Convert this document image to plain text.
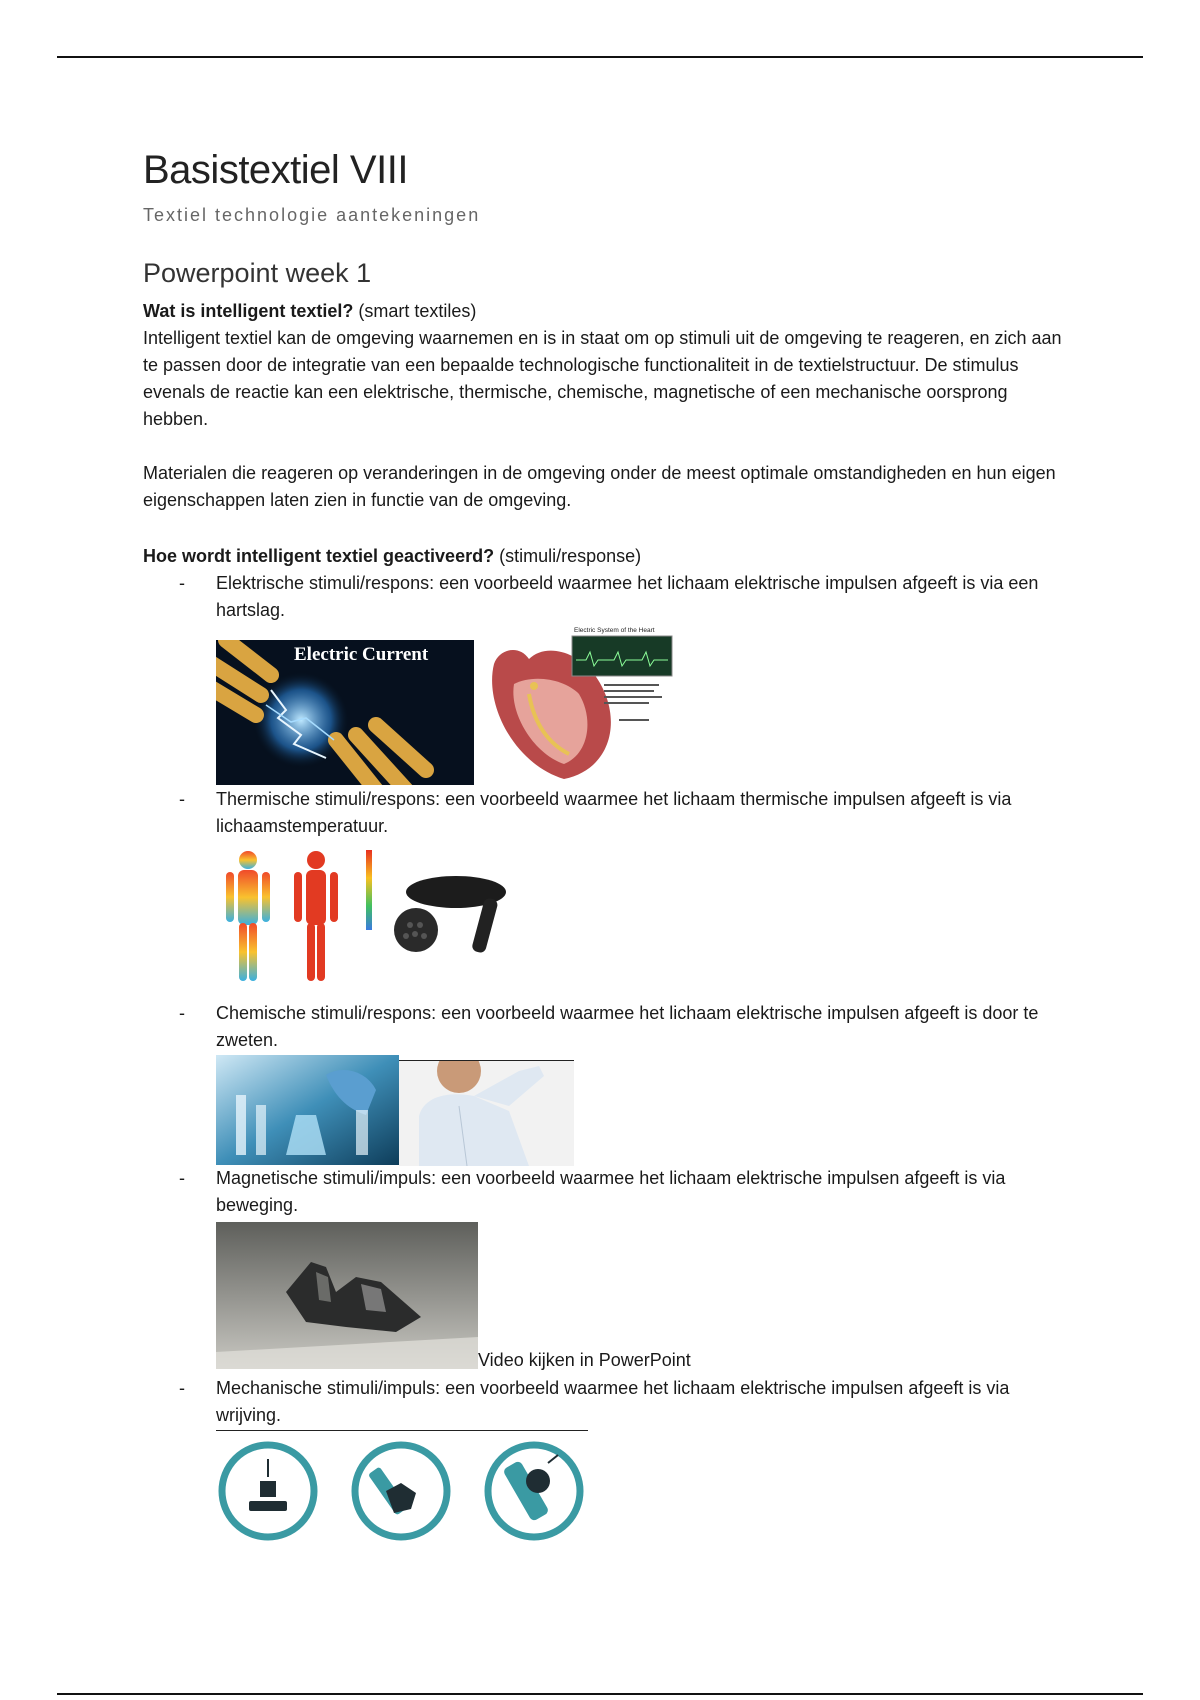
Basistextiel VIII
Textiel technologie aantekeningen
Powerpoint week 1
Wat is intelligent textiel? (smart textiles)
Intelligent textiel kan de omgeving waarnemen en is in staat om op stimuli uit de omgeving te reageren, en zich aan te passen door de integratie van een bepaalde technologische functionaliteit in de textielstructuur. De stimulus evenals de reactie kan een elektrische, thermische, chemische, magnetische of een mechanische oorsprong hebben.
Materialen die reageren op veranderingen in de omgeving onder de meest optimale omstandigheden en hun eigen eigenschappen laten zien in functie van de omgeving.
Hoe wordt intelligent textiel geactiveerd? (stimuli/response)
- Elektrische stimuli/respons: een voorbeeld waarmee het lichaam elektrische impulsen afgeeft is via een hartslag.
Electric Current
Electric System of the Heart
- Thermische stimuli/respons: een voorbeeld waarmee het lichaam thermische impulsen afgeeft is via lichaamstemperatuur.
- Chemische stimuli/respons: een voorbeeld waarmee het lichaam elektrische impulsen afgeeft is door te zweten.
- Magnetische stimuli/impuls: een voorbeeld waarmee het lichaam elektrische impulsen afgeeft is via beweging.
Video kijken in PowerPoint
- Mechanische stimuli/impuls: een voorbeeld waarmee het lichaam elektrische impulsen afgeeft is via wrijving.
